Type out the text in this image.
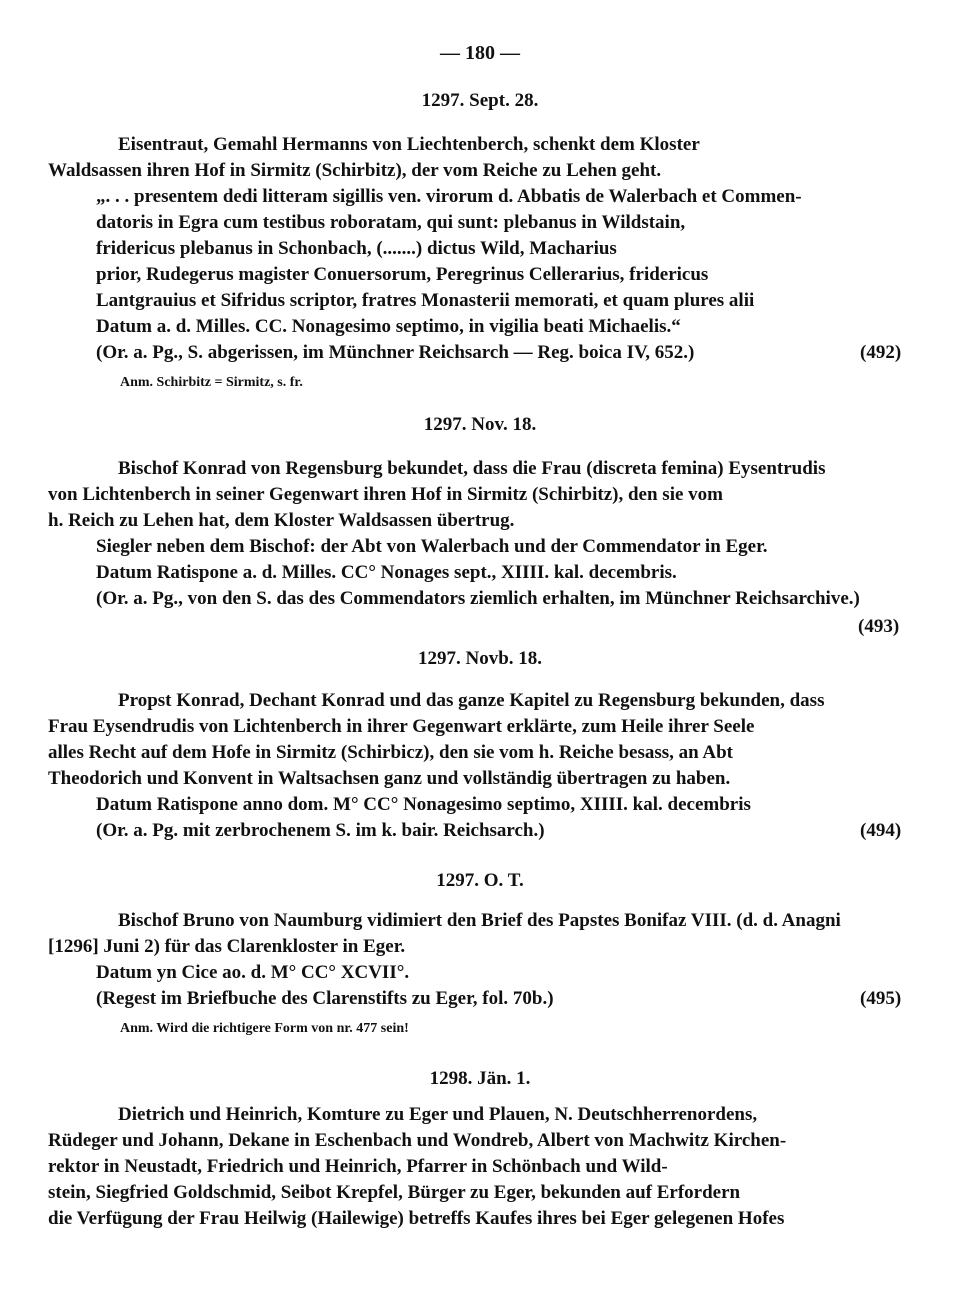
— 180 —
1297. Sept. 28.
Eisentraut, Gemahl Hermanns von Liechtenberch, schenkt dem Kloster
Waldsassen ihren Hof in Sirmitz (Schirbitz), der vom Reiche zu Lehen geht.
„. . . presentem dedi litteram sigillis ven. virorum d. Abbatis de Walerbach et Commen-
datoris in Egra cum testibus roboratam, qui sunt: plebanus in Wildstain,
fridericus plebanus in Schonbach, (.......) dictus Wild, Macharius
prior, Rudegerus magister Conuersorum, Peregrinus Cellerarius, fridericus
Lantgrauius et Sifridus scriptor, fratres Monasterii memorati, et quam plures alii
Datum a. d. Milles. CC. Nonagesimo septimo, in vigilia beati Michaelis.“
(Or. a. Pg., S. abgerissen, im Münchner Reichsarch — Reg. boica IV, 652.)	(492)
Anm. Schirbitz = Sirmitz, s. fr.
1297. Nov. 18.
Bischof Konrad von Regensburg bekundet, dass die Frau (discreta femina) Eysentrudis
von Lichtenberch in seiner Gegenwart ihren Hof in Sirmitz (Schirbitz), den sie vom
h. Reich zu Lehen hat, dem Kloster Waldsassen übertrug.
Siegler neben dem Bischof: der Abt von Walerbach und der Commendator in Eger.
Datum Ratispone a. d. Milles. CC° Nonages sept., XIIII. kal. decembris.
(Or. a. Pg., von den S. das des Commendators ziemlich erhalten, im Münchner Reichsarchive.)
(493)
1297. Novb. 18.
Propst Konrad, Dechant Konrad und das ganze Kapitel zu Regensburg bekunden, dass
Frau Eysendrudis von Lichtenberch in ihrer Gegenwart erklärte, zum Heile ihrer Seele
alles Recht auf dem Hofe in Sirmitz (Schirbicz), den sie vom h. Reiche besass, an Abt
Theodorich und Konvent in Waltsachsen ganz und vollständig übertragen zu haben.
Datum Ratispone anno dom. M° CC° Nonagesimo septimo, XIIII. kal. decembris
(Or. a. Pg. mit zerbrochenem S. im k. bair. Reichsarch.)	(494)
1297. O. T.
Bischof Bruno von Naumburg vidimiert den Brief des Papstes Bonifaz VIII. (d. d. Anagni
[1296] Juni 2) für das Clarenkloster in Eger.
Datum yn Cice ao. d. M° CC° XCVII°.
(Regest im Briefbuche des Clarenstifts zu Eger, fol. 70b.)	(495)
Anm. Wird die richtigere Form von nr. 477 sein!
1298. Jän. 1.
Dietrich und Heinrich, Komture zu Eger und Plauen, N. Deutschherrenordens,
Rüdeger und Johann, Dekane in Eschenbach und Wondreb, Albert von Machwitz Kirchen-
rektor in Neustadt, Friedrich und Heinrich, Pfarrer in Schönbach und Wild-
stein, Siegfried Goldschmid, Seibot Krepfel, Bürger zu Eger, bekunden auf Erfordern
die Verfügung der Frau Heilwig (Hailewige) betreffs Kaufes ihres bei Eger gelegenen Hofes
